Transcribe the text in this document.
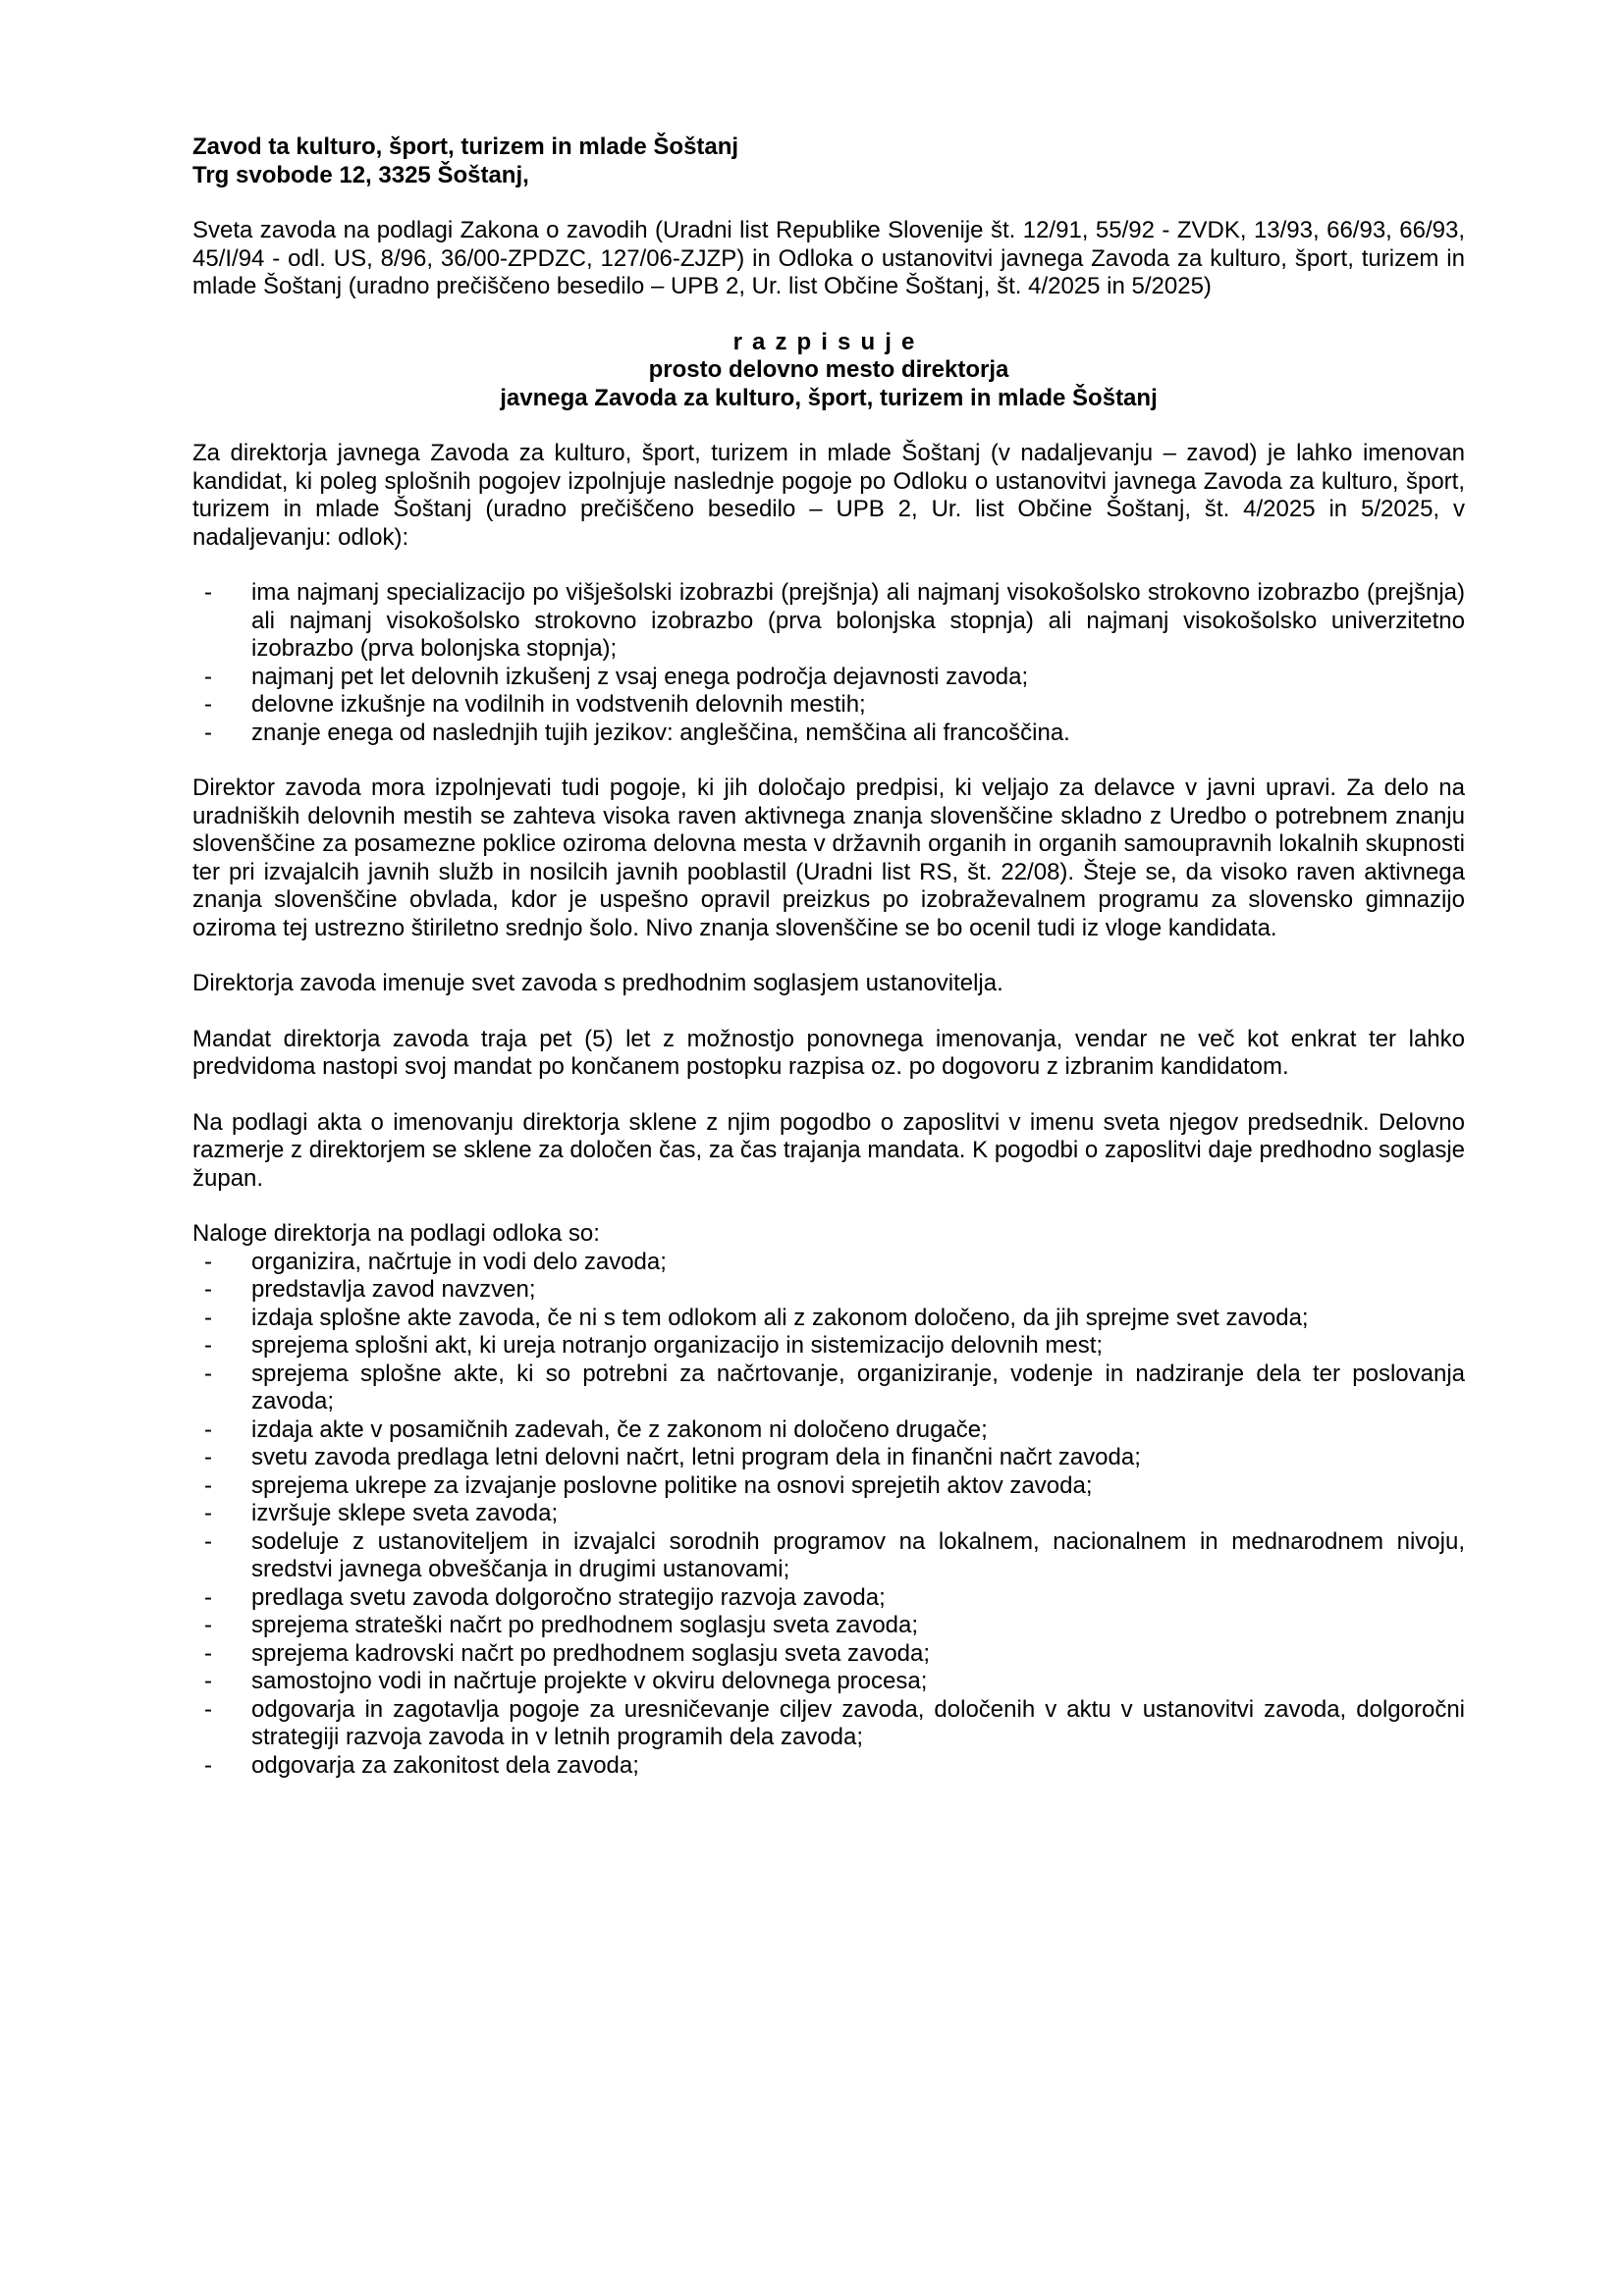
Zavod ta kulturo, šport, turizem in mlade Šoštanj

Trg svobode 12, 3325 Šoštanj,

Sveta zavoda na podlagi Zakona o zavodih (Uradni list Republike Slovenije št. 12/91, 55/92 - ZVDK, 13/93, 66/93, 66/93, 45/I/94 - odl. US, 8/96, 36/00-ZPDZC, 127/06-ZJZP) in Odloka o ustanovitvi javnega Zavoda za kulturo, šport, turizem in mlade Šoštanj (uradno prečiščeno besedilo – UPB 2, Ur. list Občine Šoštanj, št. 4/2025 in 5/2025)

razpisuje

prosto delovno mesto direktorja

javnega Zavoda za kulturo, šport, turizem in mlade Šoštanj

Za direktorja javnega Zavoda za kulturo, šport, turizem in mlade Šoštanj (v nadaljevanju – zavod) je lahko imenovan kandidat, ki poleg splošnih pogojev izpolnjuje naslednje pogoje po Odloku o ustanovitvi javnega Zavoda za kulturo, šport, turizem in mlade Šoštanj (uradno prečiščeno besedilo – UPB 2, Ur. list Občine Šoštanj, št. 4/2025 in 5/2025, v nadaljevanju: odlok):

- ima najmanj specializacijo po višješolski izobrazbi (prejšnja) ali najmanj visokošolsko strokovno izobrazbo (prejšnja) ali najmanj visokošolsko strokovno izobrazbo (prva bolonjska stopnja) ali najmanj visokošolsko univerzitetno izobrazbo (prva bolonjska stopnja);
- najmanj pet let delovnih izkušenj z vsaj enega področja dejavnosti zavoda;
- delovne izkušnje na vodilnih in vodstvenih delovnih mestih;
- znanje enega od naslednjih tujih jezikov: angleščina, nemščina ali francoščina.

Direktor zavoda mora izpolnjevati tudi pogoje, ki jih določajo predpisi, ki veljajo za delavce v javni upravi. Za delo na uradniških delovnih mestih se zahteva visoka raven aktivnega znanja slovenščine skladno z Uredbo o potrebnem znanju slovenščine za posamezne poklice oziroma delovna mesta v državnih organih in organih samoupravnih lokalnih skupnosti ter pri izvajalcih javnih služb in nosilcih javnih pooblastil (Uradni list RS, št. 22/08). Šteje se, da visoko raven aktivnega znanja slovenščine obvlada, kdor je uspešno opravil preizkus po izobraževalnem programu za slovensko gimnazijo oziroma tej ustrezno štiriletno srednjo šolo. Nivo znanja slovenščine se bo ocenil tudi iz vloge kandidata.

Direktorja zavoda imenuje svet zavoda s predhodnim soglasjem ustanovitelja.

Mandat direktorja zavoda traja pet (5) let z možnostjo ponovnega imenovanja, vendar ne več kot enkrat ter lahko predvidoma nastopi svoj mandat po končanem postopku razpisa oz. po dogovoru z izbranim kandidatom.

Na podlagi akta o imenovanju direktorja sklene z njim pogodbo o zaposlitvi v imenu sveta njegov predsednik. Delovno razmerje z direktorjem se sklene za določen čas, za čas trajanja mandata. K pogodbi o zaposlitvi daje predhodno soglasje župan.

Naloge direktorja na podlagi odloka so:

- organizira, načrtuje in vodi delo zavoda;
- predstavlja zavod navzven;
- izdaja splošne akte zavoda, če ni s tem odlokom ali z zakonom določeno, da jih sprejme svet zavoda;
- sprejema splošni akt, ki ureja notranjo organizacijo in sistemizacijo delovnih mest;
- sprejema splošne akte, ki so potrebni za načrtovanje, organiziranje, vodenje in nadziranje dela ter poslovanja zavoda;
- izdaja akte v posamičnih zadevah, če z zakonom ni določeno drugače;
- svetu zavoda predlaga letni delovni načrt, letni program dela in finančni načrt zavoda;
- sprejema ukrepe za izvajanje poslovne politike na osnovi sprejetih aktov zavoda;
- izvršuje sklepe sveta zavoda;
- sodeluje z ustanoviteljem in izvajalci sorodnih programov na lokalnem, nacionalnem in mednarodnem nivoju, sredstvi javnega obveščanja in drugimi ustanovami;
- predlaga svetu zavoda dolgoročno strategijo razvoja zavoda;
- sprejema strateški načrt po predhodnem soglasju sveta zavoda;
- sprejema kadrovski načrt po predhodnem soglasju sveta zavoda;
- samostojno vodi in načrtuje projekte v okviru delovnega procesa;
- odgovarja in zagotavlja pogoje za uresničevanje ciljev zavoda, določenih v aktu v ustanovitvi zavoda, dolgoročni strategiji razvoja zavoda in v letnih programih dela zavoda;
- odgovarja za zakonitost dela zavoda;
